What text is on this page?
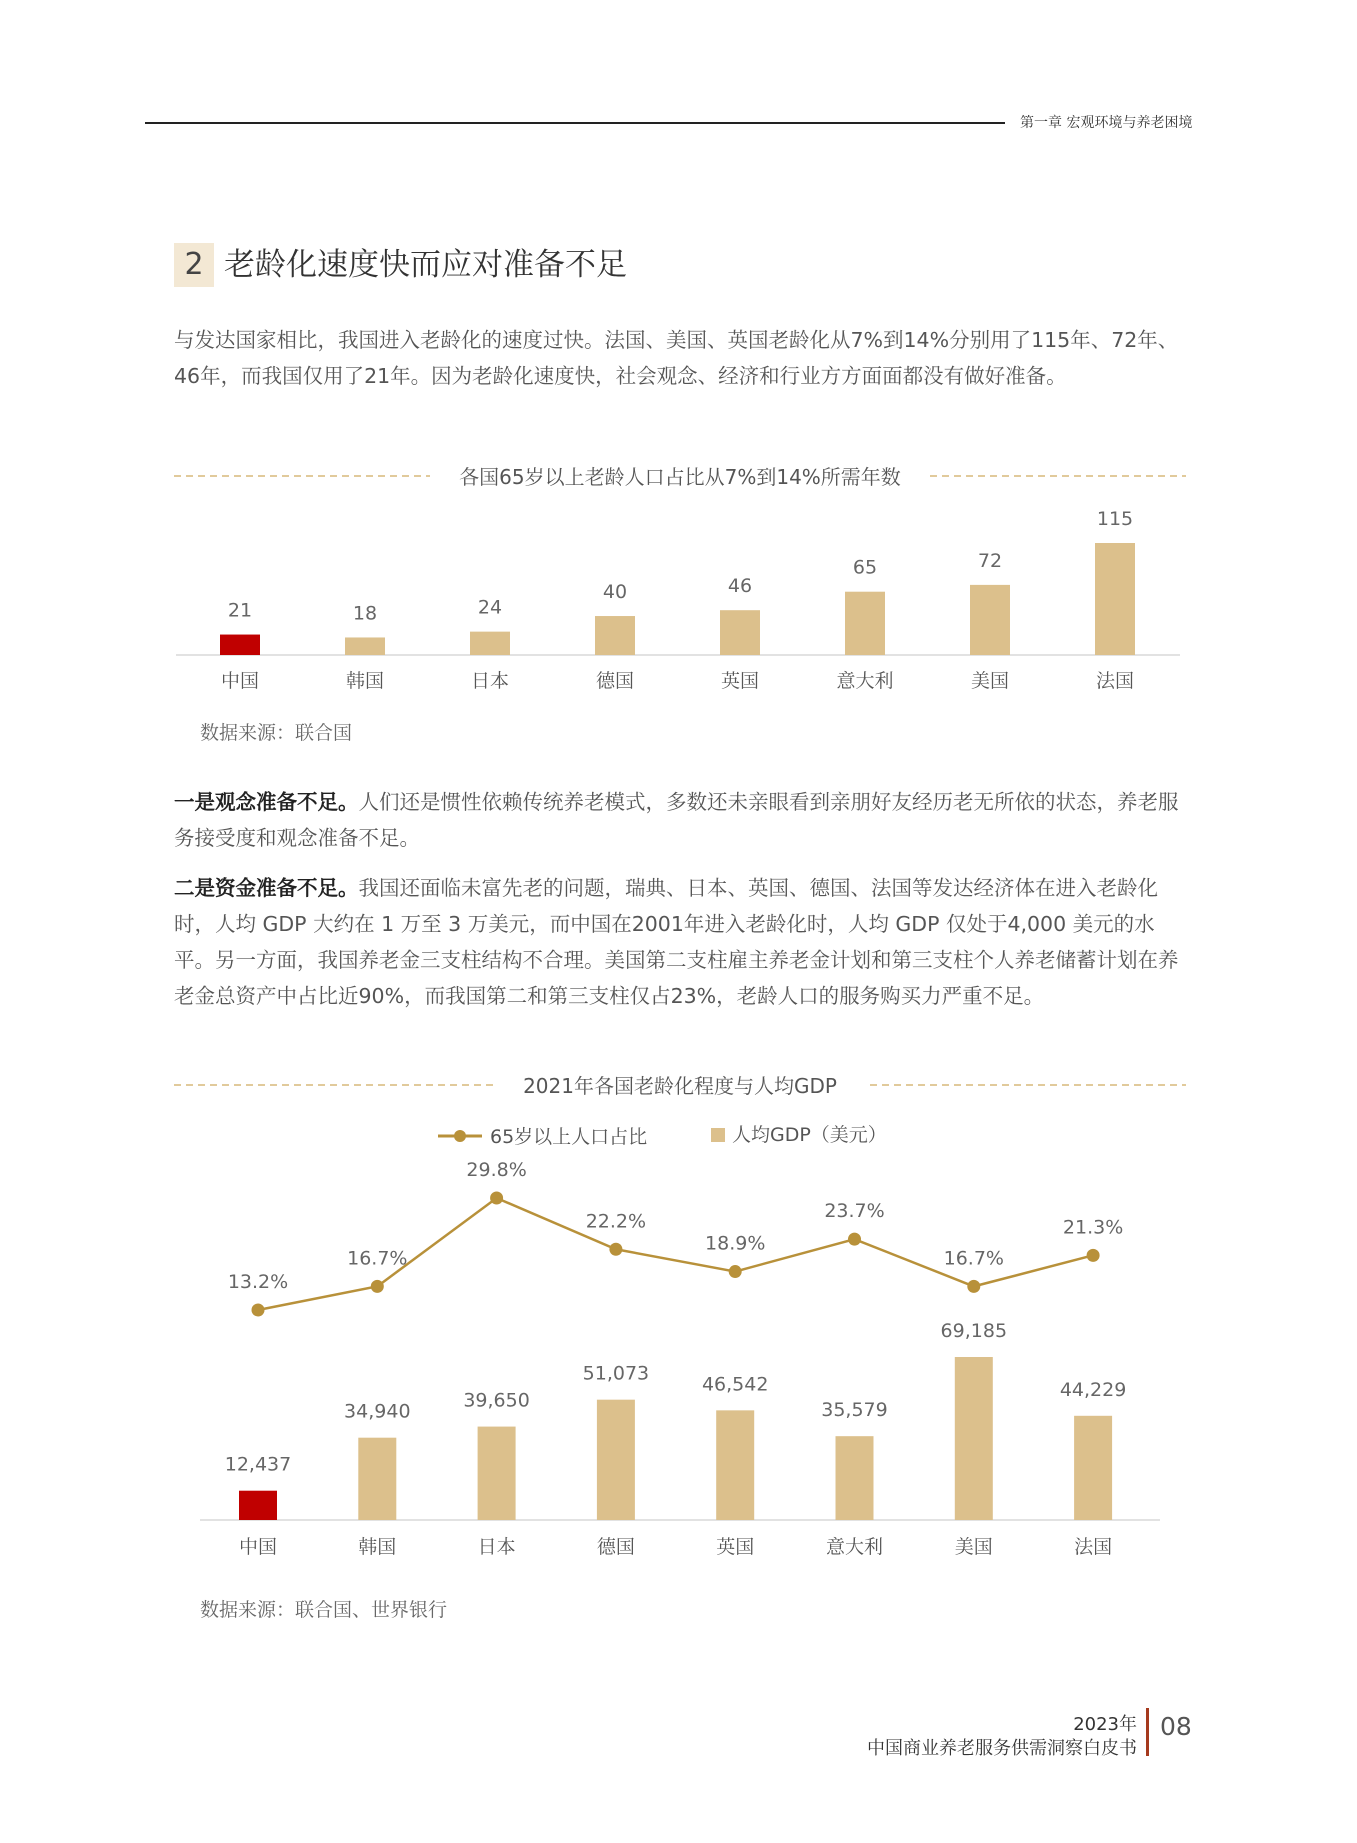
第一章 宏观环境与养老困境
2 老龄化速度快而应对准备不足
与发达国家相比，我国进入老龄化的速度过快。法国、美国、英国老龄化从7%到14%分别用了115年、72年、46年，而我国仅用了21年。因为老龄化速度快，社会观念、经济和行业方方面面都没有做好准备。
各国65岁以上老龄人口占比从7%到14%所需年数
21	18	24
40	46
65	72
115
中国	韩国	日本	德国	英国	意大利	美国	法国
数据来源：联合国
一是观念准备不足。人们还是惯性依赖传统养老模式，多数还未亲眼看到亲朋好友经历老无所依的状态，养老服务接受度和观念准备不足。
二是资金准备不足。我国还面临未富先老的问题，瑞典、日本、英国、德国、法国等发达经济体在进入老龄化时，人均 GDP 大约在 1 万至 3 万美元，而中国在2001年进入老龄化时，人均 GDP 仅处于4,000 美元的水平。另一方面，我国养老金三支柱结构不合理。美国第二支柱雇主养老金计划和第三支柱个人养老储蓄计划在养老金总资产中占比近90%，而我国第二和第三支柱仅占23%，老龄人口的服务购买力严重不足。
2021年各国老龄化程度与人均GDP
65岁以上人口占比	人均GDP（美元）
12,437
34,940
39,650
51,073	46,542
35,579
69,185
44,229
13.2%
16.7%
29.8%
22.2%
18.9%
23.7%
16.7%
21.3%
中国	韩国	日本	德国	英国	意大利	美国	法国
数据来源：联合国、世界银行
2023年
中国商业养老服务供需洞察白皮书
08
